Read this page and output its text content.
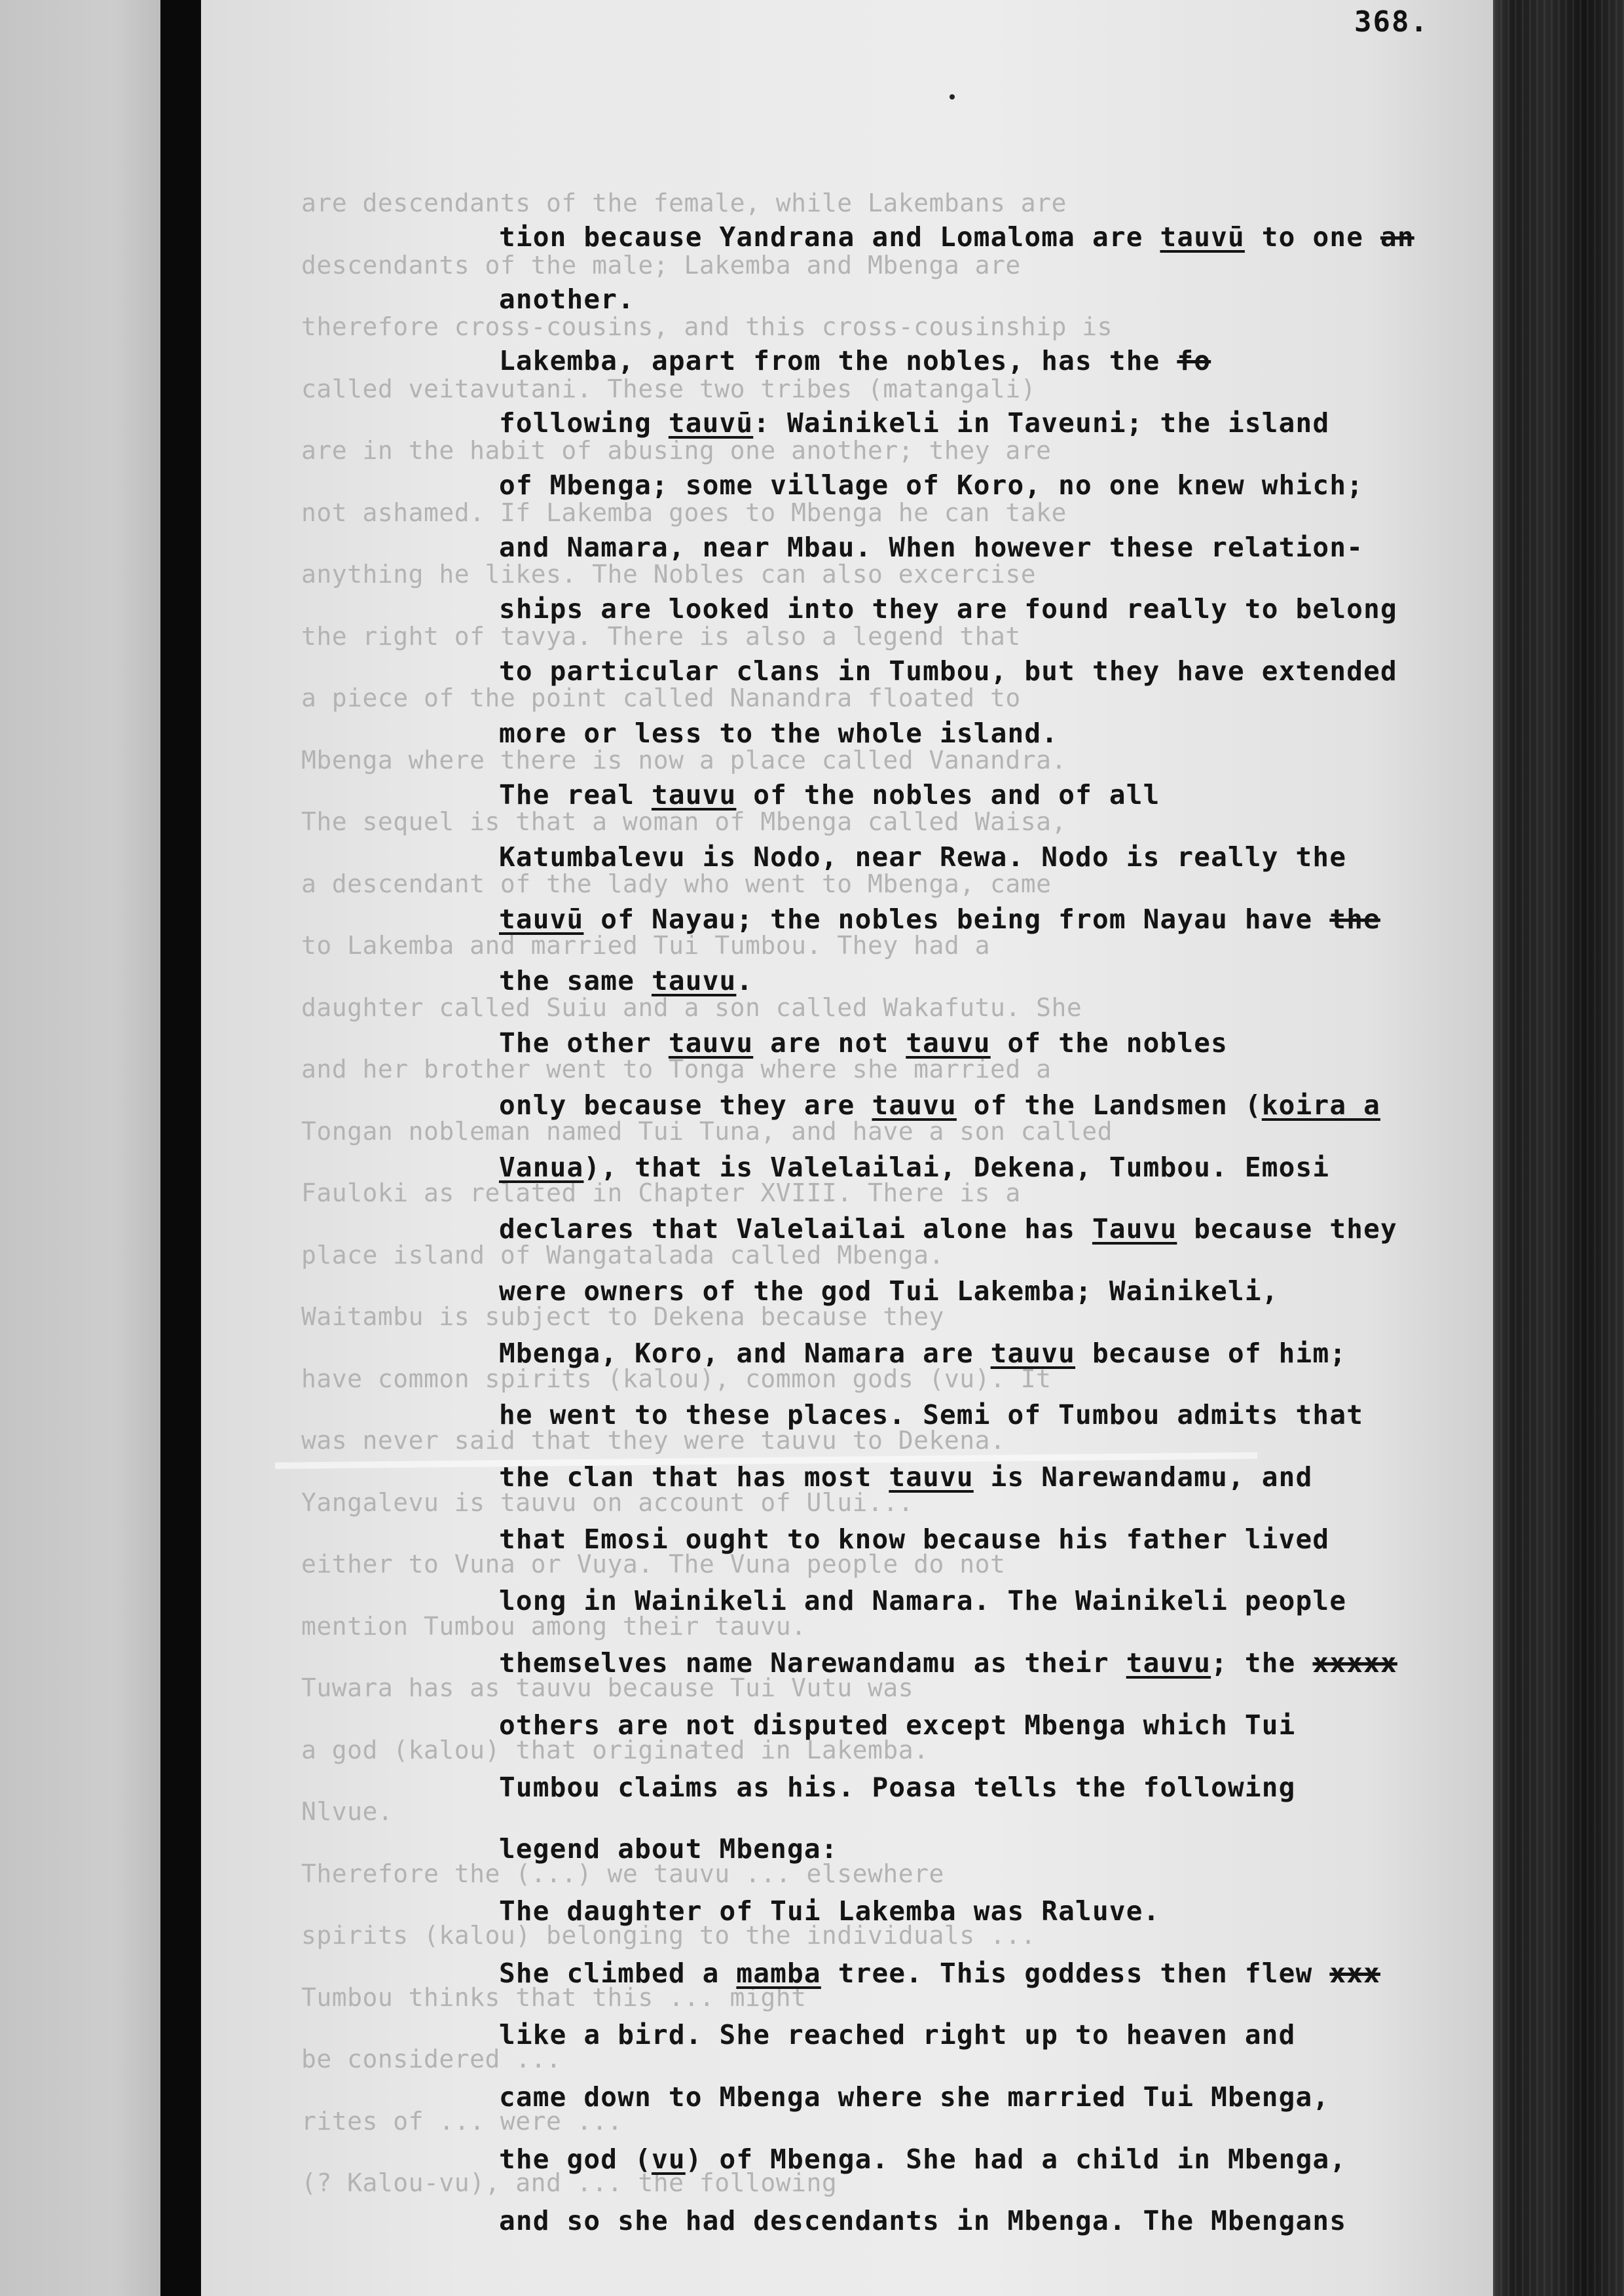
are descendants of the female, while Lakembans are
descendants of the male; Lakemba and Mbenga are
therefore cross-cousins, and this cross-cousinship is
called veitavutani. These two tribes (matangali)
are in the habit of abusing one another; they are
not ashamed. If Lakemba goes to Mbenga he can take
anything he likes. The Nobles can also excercise
the right of tavya. There is also a legend that
a piece of the point called Nanandra floated to
Mbenga where there is now a place called Vanandra.
The sequel is that a woman of Mbenga called Waisa,
a descendant of the lady who went to Mbenga, came
to Lakemba and married Tui Tumbou. They had a
daughter called Suiu and a son called Wakafutu. She
and her brother went to Tonga where she married a
Tongan nobleman named Tui Tuna, and have a son called
Fauloki as related in Chapter XVIII. There is a
place island of Wangatalada called Mbenga.
Waitambu is subject to Dekena because they
have common spirits (kalou), common gods (vu). It
was never said that they were tauvu to Dekena.
Yangalevu is tauvu on account of Ului...
either to Vuna or Vuya. The Vuna people do not
mention Tumbou among their tauvu.
Tuwara has as tauvu because Tui Vutu was
a god (kalou) that originated in Lakemba.
Nlvue.
Therefore the (...) we tauvu ... elsewhere
spirits (kalou) belonging to the individuals ...
Tumbou thinks that this ... might
be considered ...
rites of ... were ...
(? Kalou-vu), and ... the following
368.
tion because Yandrana and Lomaloma are tauvū to one an
another.
Lakemba, apart from the nobles, has the fo
following tauvū: Wainikeli in Taveuni; the island
of Mbenga; some village of Koro, no one knew which;
and Namara, near Mbau. When however these relation-
ships are looked into they are found really to belong
to particular clans in Tumbou, but they have extended
more or less to the whole island.
The real tauvu of the nobles and of all
Katumbalevu is Nodo, near Rewa. Nodo is really the
tauvū of Nayau; the nobles being from Nayau have the
the same tauvu.
The other tauvu are not tauvu of the nobles
only because they are tauvu of the Landsmen (koira a
Vanua), that is Valelailai, Dekena, Tumbou. Emosi
declares that Valelailai alone has Tauvu because they
were owners of the god Tui Lakemba; Wainikeli,
Mbenga, Koro, and Namara are tauvu because of him;
he went to these places. Semi of Tumbou admits that
the clan that has most tauvu is Narewandamu, and
that Emosi ought to know because his father lived
long in Wainikeli and Namara. The Wainikeli people
themselves name Narewandamu as their tauvu; the xxxxx
others are not disputed except Mbenga which Tui
Tumbou claims as his. Poasa tells the following
legend about Mbenga:
The daughter of Tui Lakemba was Raluve.
She climbed a mamba tree. This goddess then flew xxx
like a bird. She reached right up to heaven and
came down to Mbenga where she married Tui Mbenga,
the god (vu) of Mbenga. She had a child in Mbenga,
and so she had descendants in Mbenga. The Mbengans
